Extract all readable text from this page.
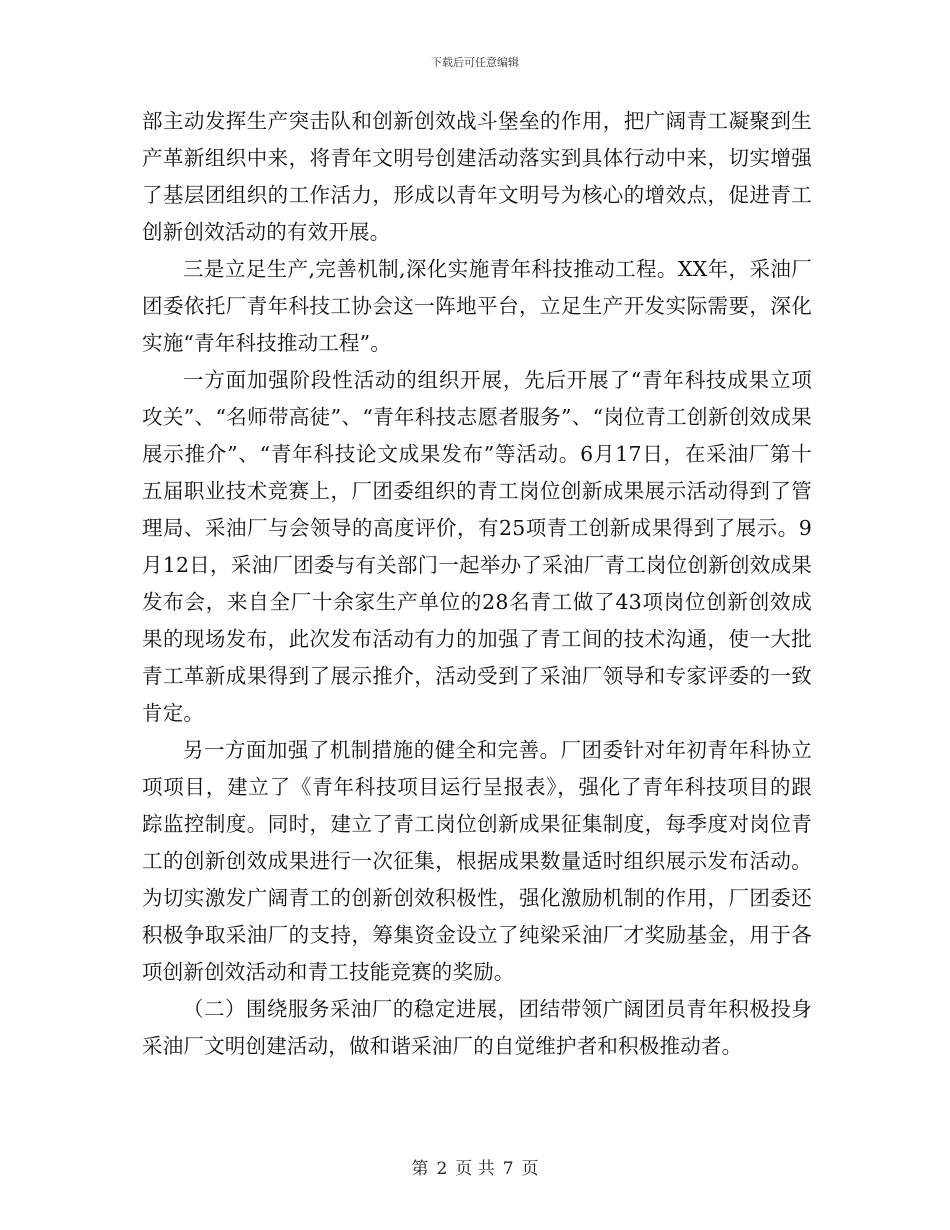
下载后可任意编辑

部主动发挥生产突击队和创新创效战斗堡垒的作用，把广阔青工凝聚到生产革新组织中来，将青年文明号创建活动落实到具体行动中来，切实增强了基层团组织的工作活力，形成以青年文明号为核心的增效点，促进青工创新创效活动的有效开展。

三是立足生产,完善机制,深化实施青年科技推动工程。XX年，采油厂团委依托厂青年科技工协会这一阵地平台，立足生产开发实际需要，深化实施“青年科技推动工程”。

一方面加强阶段性活动的组织开展，先后开展了“青年科技成果立项攻关”、“名师带高徒”、“青年科技志愿者服务”、“岗位青工创新创效成果展示推介”、“青年科技论文成果发布”等活动。6月17日，在采油厂第十五届职业技术竞赛上，厂团委组织的青工岗位创新成果展示活动得到了管理局、采油厂与会领导的高度评价，有25项青工创新成果得到了展示。9月12日，采油厂团委与有关部门一起举办了采油厂青工岗位创新创效成果发布会，来自全厂十余家生产单位的28名青工做了43项岗位创新创效成果的现场发布，此次发布活动有力的加强了青工间的技术沟通，使一大批青工革新成果得到了展示推介，活动受到了采油厂领导和专家评委的一致肯定。

另一方面加强了机制措施的健全和完善。厂团委针对年初青年科协立项项目，建立了《青年科技项目运行呈报表》，强化了青年科技项目的跟踪监控制度。同时，建立了青工岗位创新成果征集制度，每季度对岗位青工的创新创效成果进行一次征集，根据成果数量适时组织展示发布活动。为切实激发广阔青工的创新创效积极性，强化激励机制的作用，厂团委还积极争取采油厂的支持，筹集资金设立了纯梁采油厂才奖励基金，用于各项创新创效活动和青工技能竞赛的奖励。

（二）围绕服务采油厂的稳定进展，团结带领广阔团员青年积极投身采油厂文明创建活动，做和谐采油厂的自觉维护者和积极推动者。

第 2 页 共 7 页
